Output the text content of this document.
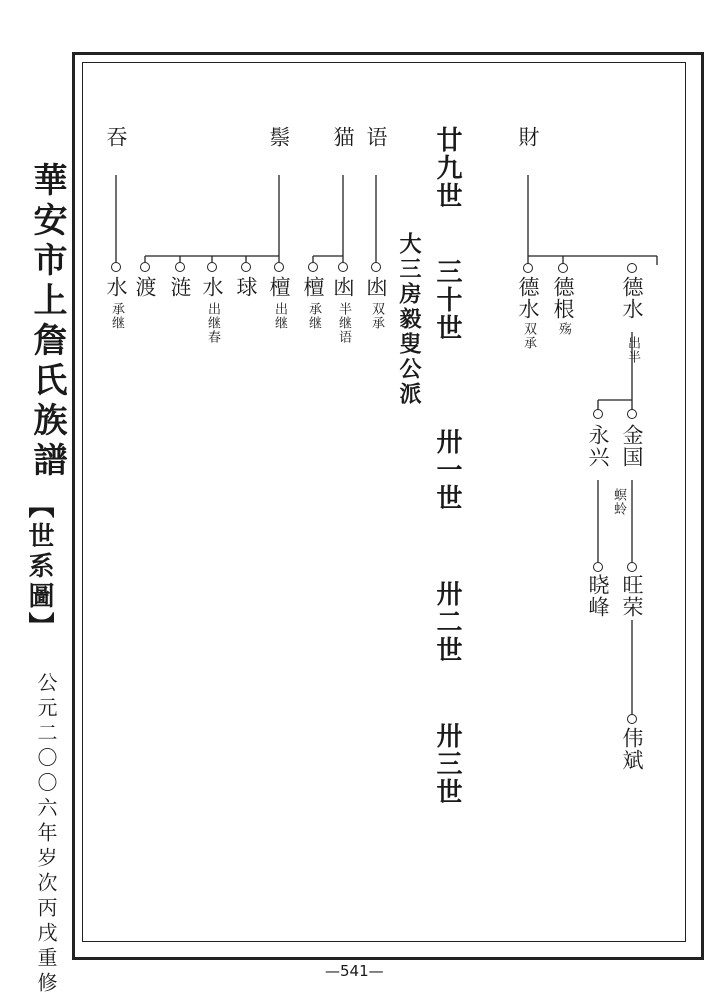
華安市上詹氏族譜
【世系圖】
公元二〇〇六年岁次丙戌重修
財
语
猫
鬃
吞	廿九世
三十世
卅一世
卅二世
卅三世
大三房毅叟公派	德水
出半
德根
殇
德水
双承
凼
双承
凼
半继语
檀
承继
檀
出继
球
水
出继春
涟
渡
水
承继
金国
螟蛉
永兴
旺荣
晓峰
伟斌
—541—
